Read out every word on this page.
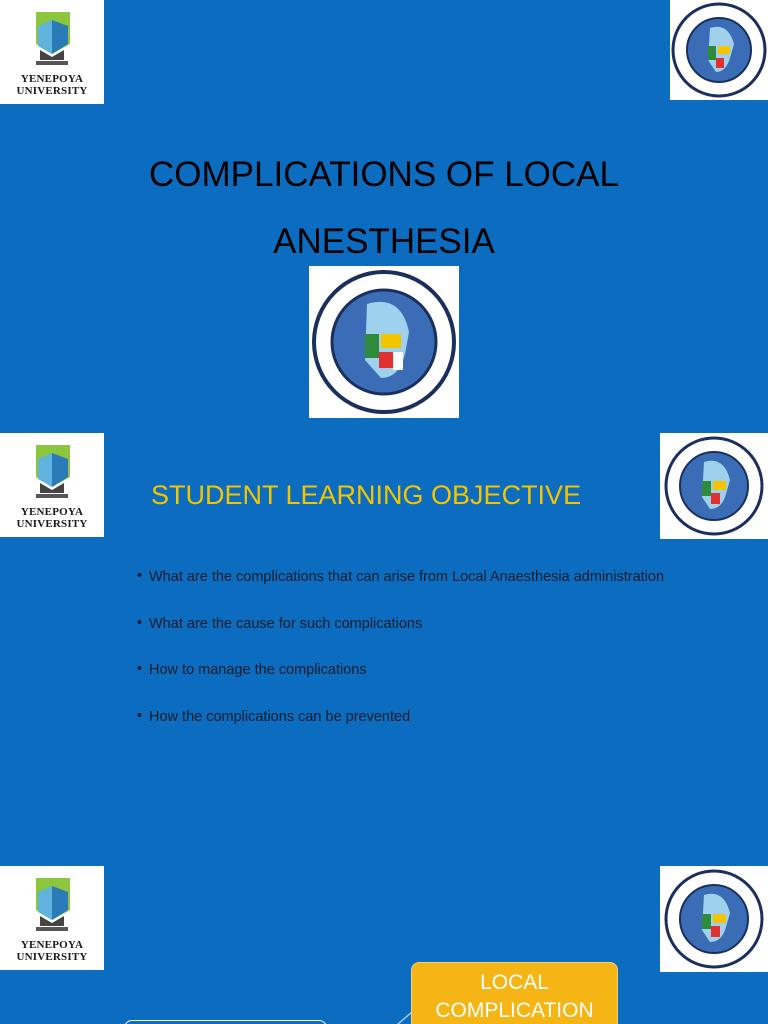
YENEPOYA
UNIVERSITY
COMPLICATIONS OF LOCAL
ANESTHESIA
YENEPOYA
UNIVERSITY
STUDENT LEARNING OBJECTIVE
• What are the complications that can arise from Local Anaesthesia administration
• What are the cause for such complications
• How to manage the complications
• How the complications can be prevented
YENEPOYA
UNIVERSITY
LOCAL
COMPLICATION
